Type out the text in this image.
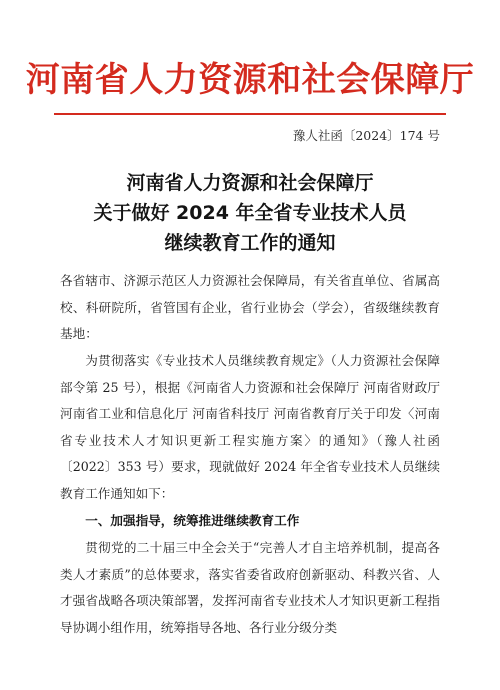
河南省人力资源和社会保障厅
豫人社函〔2024〕174 号
河南省人力资源和社会保障厅
关于做好 2024 年全省专业技术人员
继续教育工作的通知
各省辖市、济源示范区人力资源社会保障局，有关省直单位、省属高校、科研院所，省管国有企业，省行业协会（学会），省级继续教育基地：
为贯彻落实《专业技术人员继续教育规定》（人力资源社会保障部令第 25 号），根据《河南省人力资源和社会保障厅 河南省财政厅 河南省工业和信息化厅 河南省科技厅 河南省教育厅关于印发〈河南省专业技术人才知识更新工程实施方案〉的通知》（豫人社函〔2022〕353 号）要求，现就做好 2024 年全省专业技术人员继续教育工作通知如下：
一、加强指导，统筹推进继续教育工作
贯彻党的二十届三中全会关于“完善人才自主培养机制，提高各类人才素质”的总体要求，落实省委省政府创新驱动、科教兴省、人才强省战略各项决策部署，发挥河南省专业技术人才知识更新工程指导协调小组作用，统筹指导各地、各行业分级分类
